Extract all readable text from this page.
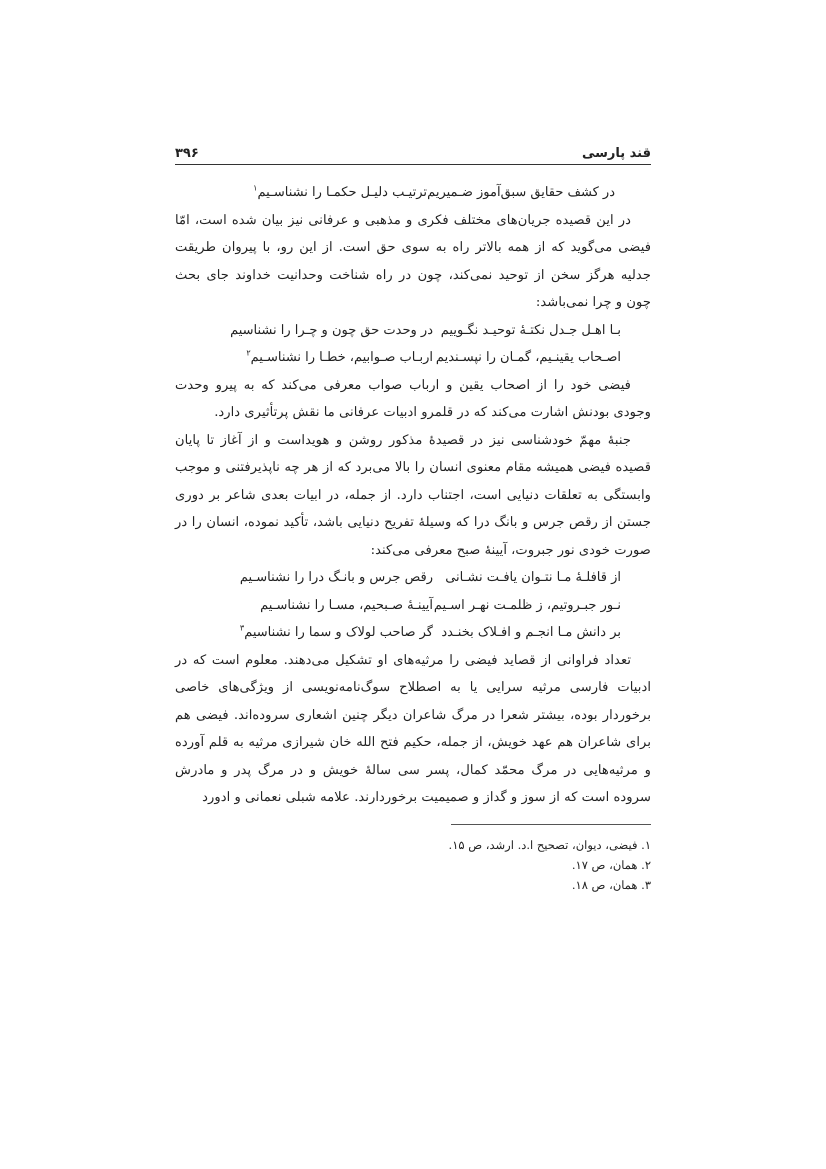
قند پارسی
۳۹۶
در کشف حقایق سبق‌آموز ضـمیریم
ترتیـب دلیـل حکمـا را نشناسـیم$^۱$

در این قصیده جریان‌های مختلف فکری و مذهبی و عرفانی نیز بیان شده است، امّا فیضی می‌گوید که از همه بالاتر راه به سوی حق است. از این رو، با پیروان طریقت جدلیه هرگز سخن از توحید نمی‌کند، چون در راه شناخت وحدانیت خداوند جای بحث چون و چرا نمی‌باشد:

بـا اهـل جـدل نکتـۀ توحیـد نگـوییم
در وحدت حق چون و چـرا را نشناسیم
اصـحاب یقینـیم، گمـان را نپسـندیم
اربـاب صـوابیم، خطـا را نشناسـیم$^۲$

فیضی خود را از اصحاب یقین و ارباب صواب معرفی می‌کند که به پیرو وحدت وجودی بودنش اشارت می‌کند که در قلمرو ادبیات عرفانی ما نقش پرتأثیری دارد.

جنبۀ مهمّ خودشناسی نیز در قصیدۀ مذکور روشن و هویداست و از آغاز تا پایان قصیده فیضی همیشه مقام معنوی انسان را بالا می‌برد که از هر چه ناپذیرفتنی و موجب وابستگی به تعلقات دنیایی است، اجتناب دارد. از جمله، در ابیات بعدی شاعر بر دوری جستن از رقص جرس و بانگ درا که وسیلۀ تفریح دنیایی باشد، تأکید نموده، انسان را در صورت خودی نور جبروت، آیینۀ صبح معرفی می‌کند:

از قافلـۀ مـا نتـوان یافـت نشـانی
رقص جرس و بانـگ درا را نشناسـیم
نـور جبـروتیم، ز ظلمـت نهـر اسـیم
آیینـۀ صـبحیم، مسـا را نشناسـیم
بر دانش مـا انجـم و افـلاک بخنـدد
گر صاحب لولاک و سما را نشناسیم$^۳$

تعداد فراوانی از قصاید فیضی را مرثیه‌های او تشکیل می‌دهند. معلوم است که در ادبیات فارسی مرثیه سرایی یا به اصطلاح سوگ‌نامه‌نویسی از ویژگی‌های خاصی برخوردار بوده، بیشتر شعرا در مرگ شاعران دیگر چنین اشعاری سروده‌اند. فیضی هم برای شاعران هم عهد خویش، از جمله، حکیم فتح الله خان شیرازی مرثیه به قلم آورده و مرثیه‌هایی در مرگ محمّد کمال، پسر سی سالۀ خویش و در مرگ پدر و مادرش سروده است که از سوز و گداز و صمیمیت برخوردارند. علامه شبلی نعمانی و ادورد

۱. فیضی، دیوان، تصحیح ا.د. ارشد، ص ۱۵.
۲. همان، ص ۱۷.
۳. همان، ص ۱۸.
